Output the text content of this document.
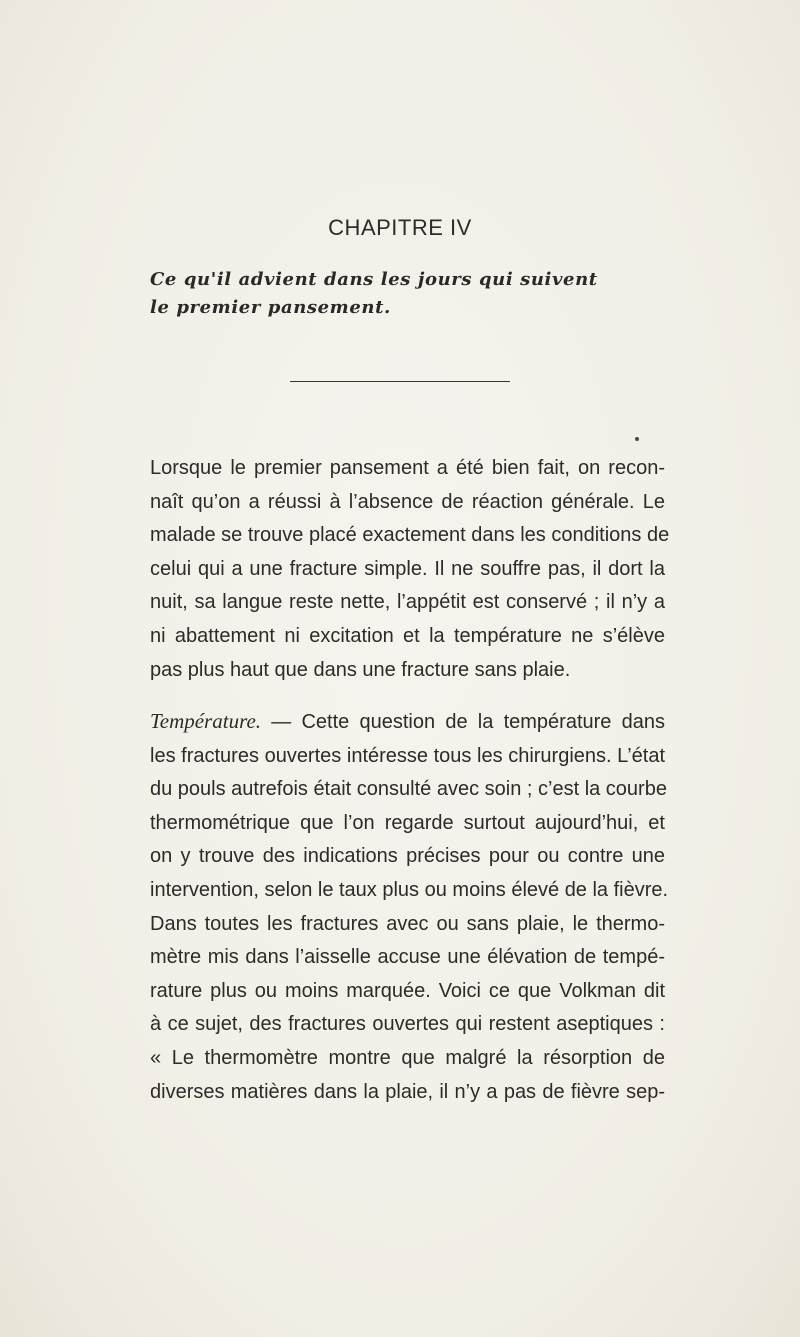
CHAPITRE IV
Ce qu'il advient dans les jours qui suivent
le premier pansement.
Lorsque le premier pansement a été bien fait, on recon-
naît qu’on a réussi à l’absence de réaction générale. Le
malade se trouve placé exactement dans les conditions de
celui qui a une fracture simple. Il ne souffre pas, il dort la
nuit, sa langue reste nette, l’appétit est conservé ; il n’y a
ni abattement ni excitation et la température ne s’élève
pas plus haut que dans une fracture sans plaie.
Température. — Cette question de la température dans
les fractures ouvertes intéresse tous les chirurgiens. L’état
du pouls autrefois était consulté avec soin ; c’est la courbe
thermométrique que l’on regarde surtout aujourd’hui, et
on y trouve des indications précises pour ou contre une
intervention, selon le taux plus ou moins élevé de la fièvre.
Dans toutes les fractures avec ou sans plaie, le thermo-
mètre mis dans l’aisselle accuse une élévation de tempé-
rature plus ou moins marquée. Voici ce que Volkman dit
à ce sujet, des fractures ouvertes qui restent aseptiques :
« Le thermomètre montre que malgré la résorption de
diverses matières dans la plaie, il n’y a pas de fièvre sep-
